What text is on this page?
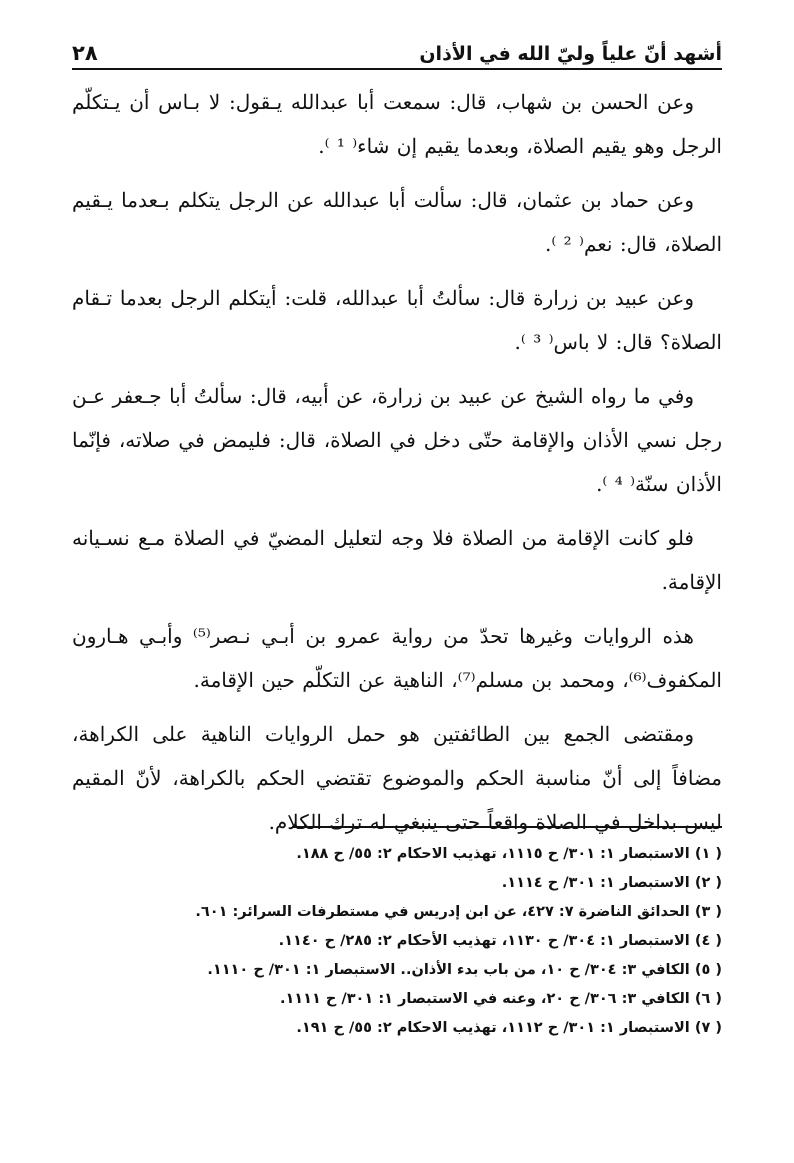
أشهد أنّ علياً وليّ الله في الأذان
٢٨

وعن الحسن بن شهاب، قال: سمعت أبا عبدالله يـقول: لا بـاس أن يـتكلّم الرجل وهو يقيم الصلاة، وبعدما يقيم إن شاء⁽ ¹ ⁾.

وعن حماد بن عثمان، قال: سألت أبا عبدالله عن الرجل يتكلم بـعدما يـقيم الصلاة، قال: نعم⁽ ² ⁾.

وعن عبيد بن زرارة قال: سألتُ أبا عبدالله، قلت: أيتكلم الرجل بعدما تـقام الصلاة؟ قال: لا باس⁽ ³ ⁾.

وفي ما رواه الشيخ عن عبيد بن زرارة، عن أبيه، قال: سألتُ أبا جـعفر عـن رجل نسي الأذان والإقامة حتّى دخل في الصلاة، قال: فليمض في صلاته، فإنّما الأذان سنّة⁽ ⁴ ⁾.

فلو كانت الإقامة من الصلاة فلا وجه لتعليل المضيّ في الصلاة مـع نسـيانه الإقامة.

هذه الروايات وغيرها تحدّ من رواية عمرو بن أبـي نـصر⁽⁵⁾ وأبـي هـارون المكفوف⁽⁶⁾، ومحمد بن مسلم⁽⁷⁾، الناهية عن التكلّم حين الإقامة.

ومقتضى الجمع بين الطائفتين هو حمل الروايات الناهية على الكراهة، مضافاً إلى أنّ مناسبة الحكم والموضوع تقتضي الحكم بالكراهة، لأنّ المقيم ليس بداخل في الصلاة واقعاً حتى ينبغي له ترك الكلام.

( ١) الاستبصار ١: ٣٠١/ ح ١١١٥، تهذيب الاحكام ٢: ٥٥/ ح ١٨٨.
( ٢) الاستبصار ١: ٣٠١/ ح ١١١٤.
( ٣) الحدائق الناضرة ٧: ٤٢٧، عن ابن إدريس في مستطرفات السرائر: ٦٠١.
( ٤) الاستبصار ١: ٣٠٤/ ح ١١٣٠، تهذيب الأحكام ٢: ٢٨٥/ ح ١١٤٠.
( ٥) الكافي ٣: ٣٠٤/ ح ١٠، من باب بدء الأذان.. الاستبصار ١: ٣٠١/ ح ١١١٠.
( ٦) الكافي ٣: ٣٠٦/ ح ٢٠، وعنه في الاستبصار ١: ٣٠١/ ح ١١١١.
( ٧) الاستبصار ١: ٣٠١/ ح ١١١٢، تهذيب الاحكام ٢: ٥٥/ ح ١٩١.
